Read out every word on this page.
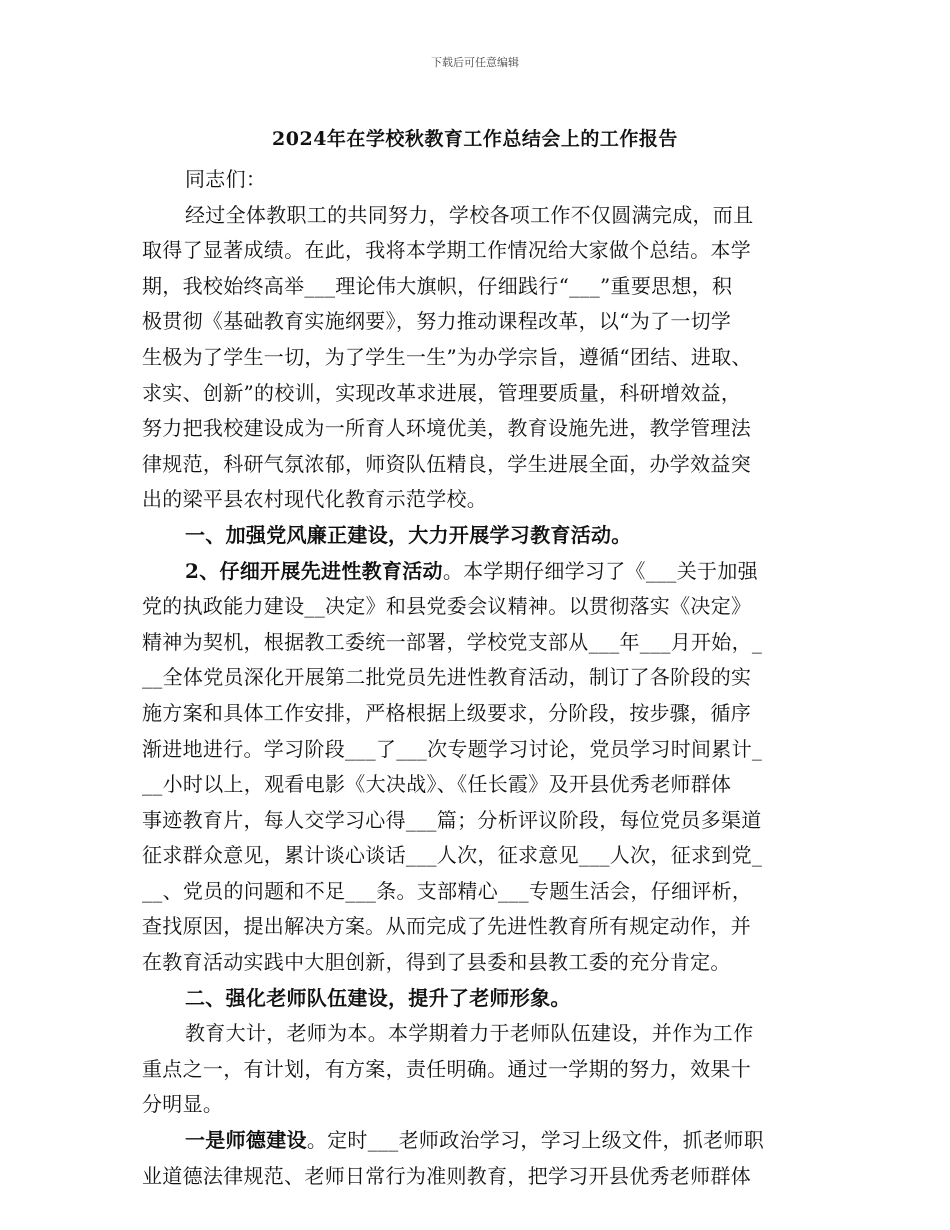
下载后可任意编辑
2024年在学校秋教育工作总结会上的工作报告
同志们：
经过全体教职工的共同努力，学校各项工作不仅圆满完成，而且
取得了显著成绩。在此，我将本学期工作情况给大家做个总结。本学
期，我校始终高举___理论伟大旗帜，仔细践行“___”重要思想，积
极贯彻《基础教育实施纲要》，努力推动课程改革，以“为了一切学
生极为了学生一切，为了学生一生”为办学宗旨，遵循“团结、进取、
求实、创新”的校训，实现改革求进展，管理要质量，科研增效益，
努力把我校建设成为一所育人环境优美，教育设施先进，教学管理法
律规范，科研气氛浓郁，师资队伍精良，学生进展全面，办学效益突
出的梁平县农村现代化教育示范学校。
一、加强党风廉正建设，大力开展学习教育活动。
2、仔细开展先进性教育活动。本学期仔细学习了《___关于加强
党的执政能力建设__决定》和县党委会议精神。以贯彻落实《决定》
精神为契机，根据教工委统一部署，学校党支部从___年___月开始，_
__全体党员深化开展第二批党员先进性教育活动，制订了各阶段的实
施方案和具体工作安排，严格根据上级要求，分阶段，按步骤，循序
渐进地进行。学习阶段___了___次专题学习讨论，党员学习时间累计_
__小时以上，观看电影《大决战》、《任长霞》及开县优秀老师群体
事迹教育片，每人交学习心得___篇；分析评议阶段，每位党员多渠道
征求群众意见，累计谈心谈话___人次，征求意见___人次，征求到党_
__、党员的问题和不足___条。支部精心___专题生活会，仔细评析，
查找原因，提出解决方案。从而完成了先进性教育所有规定动作，并
在教育活动实践中大胆创新，得到了县委和县教工委的充分肯定。
二、强化老师队伍建设，提升了老师形象。
教育大计，老师为本。本学期着力于老师队伍建设，并作为工作
重点之一，有计划，有方案，责任明确。通过一学期的努力，效果十
分明显。
一是师德建设。定时___老师政治学习，学习上级文件，抓老师职
业道德法律规范、老师日常行为准则教育，把学习开县优秀老师群体
